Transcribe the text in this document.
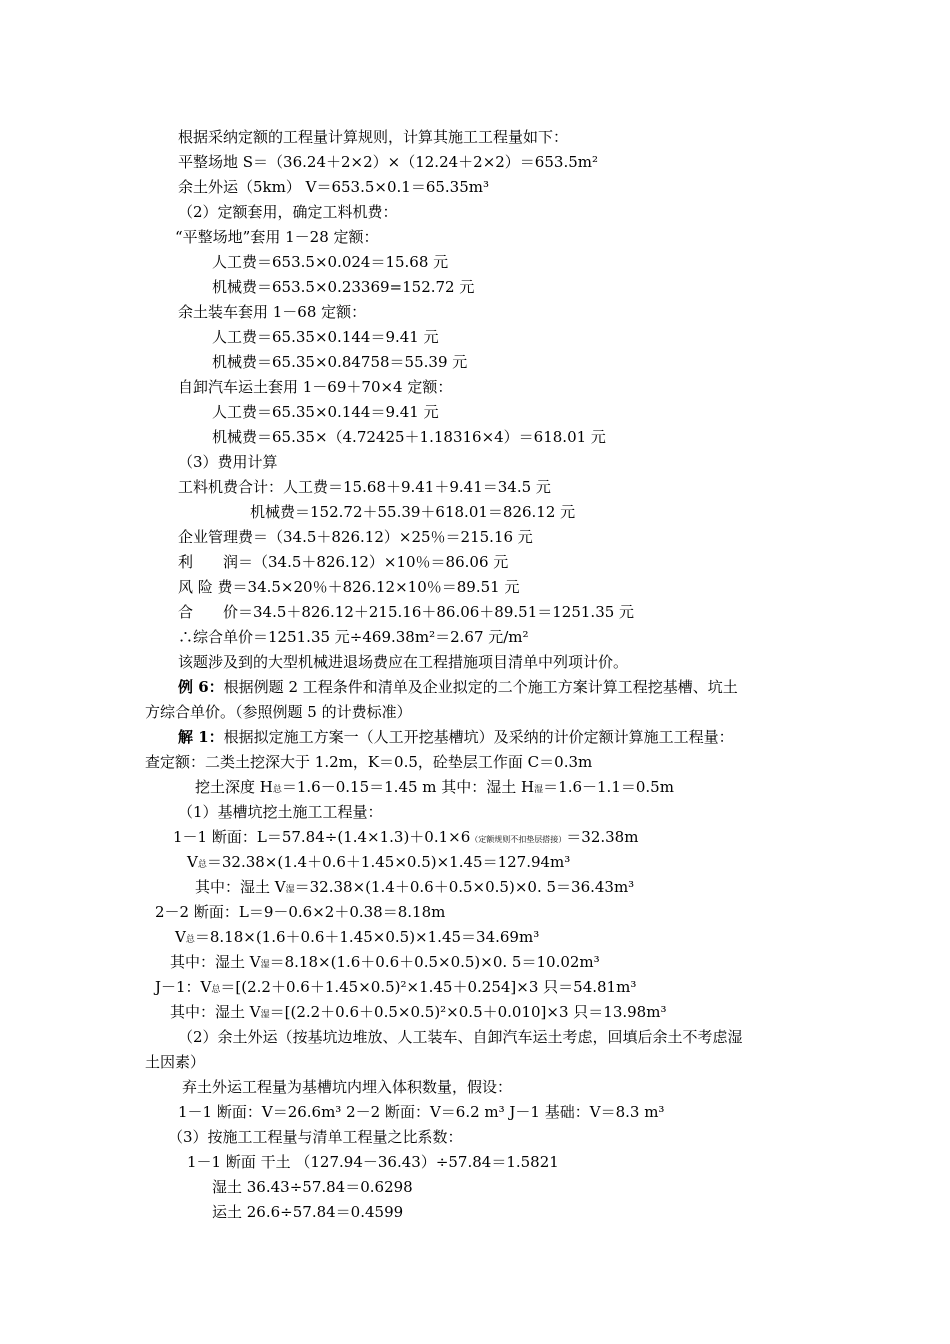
根据采纳定额的工程量计算规则，计算其施工工程量如下：
平整场地 S＝（36.24＋2×2）×（12.24＋2×2）＝653.5m²
余土外运（5km） V＝653.5×0.1＝65.35m³
（2）定额套用，确定工料机费：
“平整场地”套用 1－28 定额：
人工费＝653.5×0.024＝15.68 元
机械费＝653.5×0.23369=152.72 元
余土装车套用 1－68 定额：
人工费＝65.35×0.144＝9.41 元
机械费＝65.35×0.84758＝55.39 元
自卸汽车运土套用 1－69＋70×4 定额：
人工费＝65.35×0.144＝9.41 元
机械费＝65.35×（4.72425＋1.18316×4）＝618.01 元
（3）费用计算
工料机费合计：人工费＝15.68＋9.41＋9.41＝34.5 元
机械费＝152.72＋55.39＋618.01＝826.12 元
企业管理费＝（34.5＋826.12）×25％＝215.16 元
利　　润＝（34.5＋826.12）×10％＝86.06 元
风 险 费＝34.5×20％＋826.12×10％＝89.51 元
合　　价＝34.5＋826.12＋215.16＋86.06＋89.51＝1251.35 元
∴综合单价＝1251.35 元÷469.38m²＝2.67 元/m²
该题涉及到的大型机械进退场费应在工程措施项目清单中列项计价。
例 6：根据例题 2 工程条件和清单及企业拟定的二个施工方案计算工程挖基槽、坑土
方综合单价。（参照例题 5 的计费标准）
解 1：根据拟定施工方案一（人工开挖基槽坑）及采纳的计价定额计算施工工程量：
查定额：二类土挖深大于 1.2m，K＝0.5，砼垫层工作面 C＝0.3m
挖土深度 H总＝1.6－0.15＝1.45 m 其中：湿土 H湿＝1.6－1.1＝0.5m
（1）基槽坑挖土施工工程量：
1－1 断面：L＝57.84÷(1.4×1.3)＋0.1×6（定额规则不扣垫层搭接）＝32.38m
V总＝32.38×(1.4＋0.6＋1.45×0.5)×1.45＝127.94m³
其中：湿土 V湿＝32.38×(1.4＋0.6＋0.5×0.5)×0. 5＝36.43m³
2－2 断面：L＝9－0.6×2＋0.38＝8.18m
V总＝8.18×(1.6＋0.6＋1.45×0.5)×1.45＝34.69m³
其中：湿土 V湿＝8.18×(1.6＋0.6＋0.5×0.5)×0. 5＝10.02m³
J－1：V总＝[(2.2＋0.6＋1.45×0.5)²×1.45＋0.254]×3 只＝54.81m³
其中：湿土 V湿＝[(2.2＋0.6＋0.5×0.5)²×0.5＋0.010]×3 只＝13.98m³
（2）余土外运（按基坑边堆放、人工装车、自卸汽车运土考虑，回填后余土不考虑湿
土因素）
弃土外运工程量为基槽坑内埋入体积数量，假设：
1－1 断面：V＝26.6m³ 2－2 断面：V＝6.2 m³ J－1 基础：V＝8.3 m³
（3）按施工工程量与清单工程量之比系数：
1－1 断面 干土 （127.94－36.43）÷57.84＝1.5821
湿土 36.43÷57.84＝0.6298
运土 26.6÷57.84＝0.4599
